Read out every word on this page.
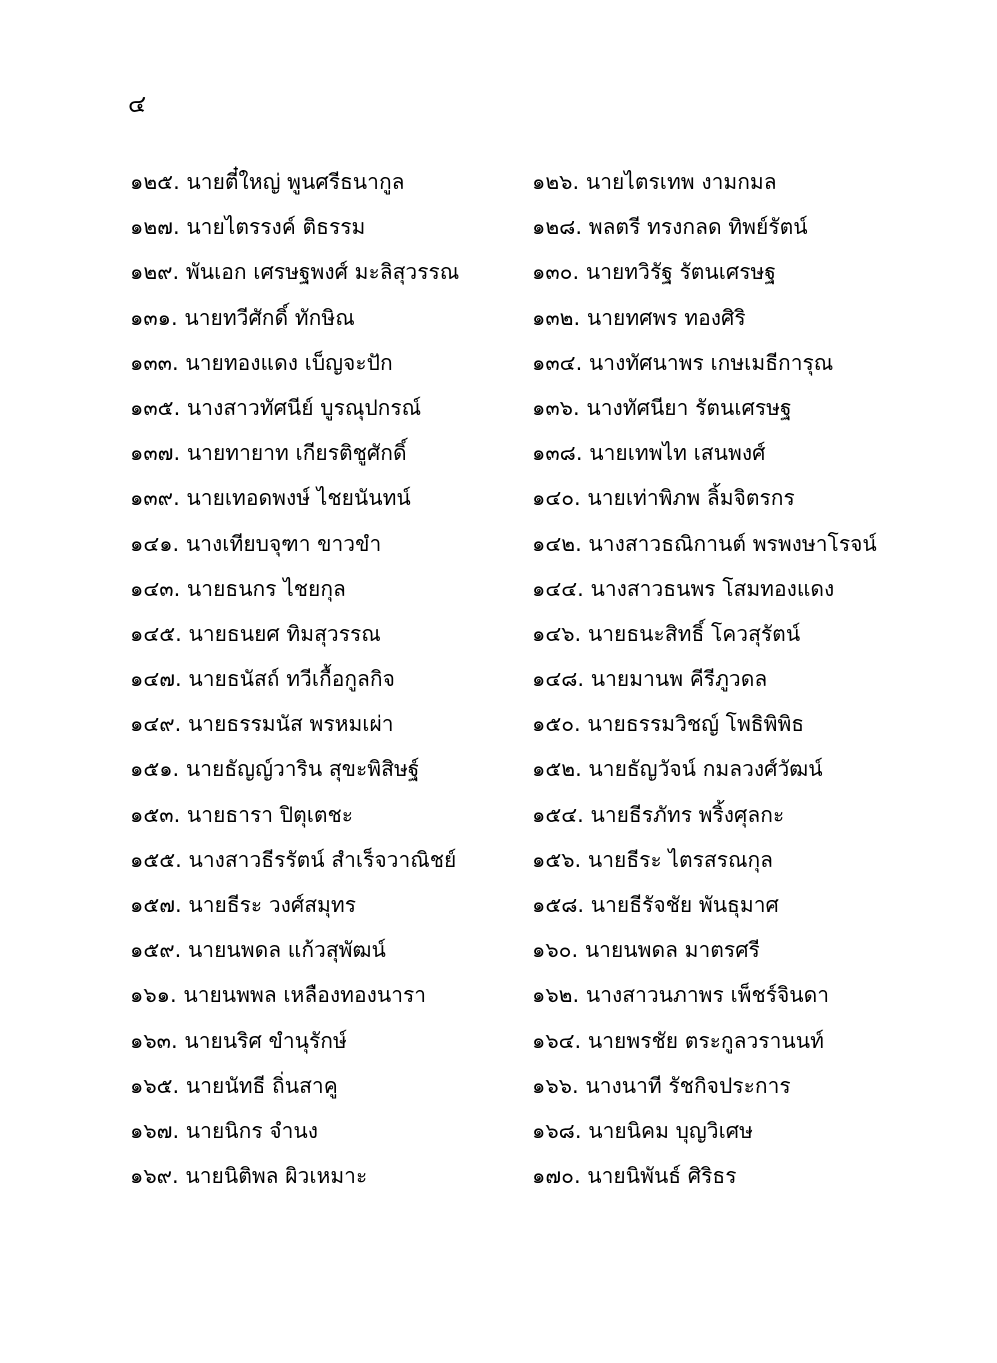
๔
๑๒๕. นายตี๋ใหญ่ พูนศรีธนากูล	๑๒๖. นายไตรเทพ งามกมล
๑๒๗. นายไตรรงค์ ติธรรม	๑๒๘. พลตรี ทรงกลด ทิพย์รัตน์
๑๒๙. พันเอก เศรษฐพงศ์ มะลิสุวรรณ	๑๓๐. นายทวิรัฐ รัตนเศรษฐ
๑๓๑. นายทวีศักดิ์ ทักษิณ	๑๓๒. นายทศพร ทองศิริ
๑๓๓. นายทองแดง เบ็ญจะปัก	๑๓๔. นางทัศนาพร เกษเมธีการุณ
๑๓๕. นางสาวทัศนีย์ บูรณุปกรณ์	๑๓๖. นางทัศนียา รัตนเศรษฐ
๑๓๗. นายทายาท เกียรติชูศักดิ์	๑๓๘. นายเทพไท เสนพงศ์
๑๓๙. นายเทอดพงษ์ ไชยนันทน์	๑๔๐. นายเท่าพิภพ ลิ้มจิตรกร
๑๔๑. นางเทียบจุฑา ขาวขำ	๑๔๒. นางสาวธณิกานต์ พรพงษาโรจน์
๑๔๓. นายธนกร ไชยกุล	๑๔๔. นางสาวธนพร โสมทองแดง
๑๔๕. นายธนยศ ทิมสุวรรณ	๑๔๖. นายธนะสิทธิ์ โควสุรัตน์
๑๔๗. นายธนัสถ์ ทวีเกื้อกูลกิจ	๑๔๘. นายมานพ คีรีภูวดล
๑๔๙. นายธรรมนัส พรหมเผ่า	๑๕๐. นายธรรมวิชญ์ โพธิพิพิธ
๑๕๑. นายธัญญ์วาริน สุขะพิสิษฐ์	๑๕๒. นายธัญวัจน์ กมลวงศ์วัฒน์
๑๕๓. นายธารา ปิตุเตชะ	๑๕๔. นายธีรภัทร พริ้งศุลกะ
๑๕๕. นางสาวธีรรัตน์ สำเร็จวาณิชย์	๑๕๖. นายธีระ ไตรสรณกุล
๑๕๗. นายธีระ วงศ์สมุทร	๑๕๘. นายธีรัจชัย พันธุมาศ
๑๕๙. นายนพดล แก้วสุพัฒน์	๑๖๐. นายนพดล มาตรศรี
๑๖๑. นายนพพล เหลืองทองนารา	๑๖๒. นางสาวนภาพร เพ็ชร์จินดา
๑๖๓. นายนริศ ขำนุรักษ์	๑๖๔. นายพรชัย ตระกูลวรานนท์
๑๖๕. นายนัทธี ถิ่นสาคู	๑๖๖. นางนาที รัชกิจประการ
๑๖๗. นายนิกร จำนง	๑๖๘. นายนิคม บุญวิเศษ
๑๖๙. นายนิติพล ผิวเหมาะ	๑๗๐. นายนิพันธ์ ศิริธร
